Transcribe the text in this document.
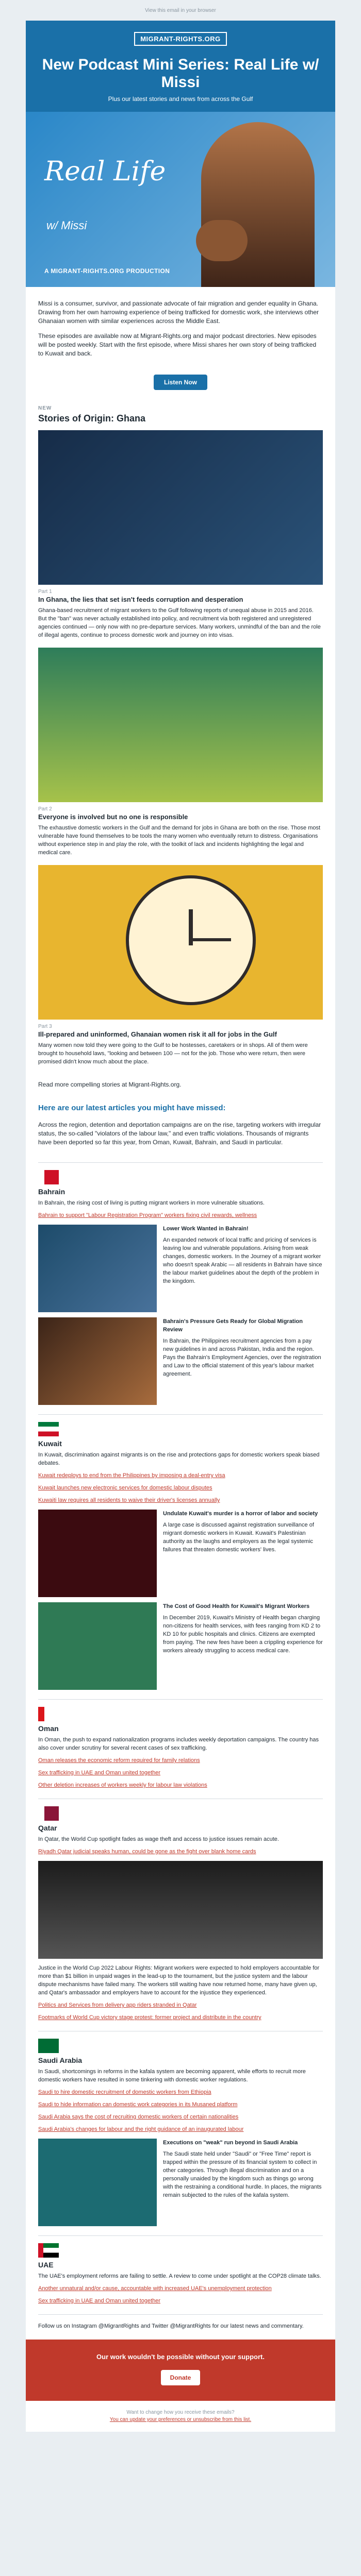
View this email in your browser
MIGRANT-RIGHTS.ORG
New Podcast Mini Series: Real Life w/ Missi

Plus our latest stories and news from across the Gulf

Real Life
w/ Missi
A MIGRANT-RIGHTS.ORG PRODUCTION

Missi is a consumer, survivor, and passionate advocate of fair migration and gender equality in Ghana. Drawing from her own harrowing experience of being trafficked for domestic work, she interviews other Ghanaian women with similar experiences across the Middle East.

These episodes are available now at Migrant-Rights.org and major podcast directories. New episodes will be posted weekly. Start with the first episode, where Missi shares her own story of being trafficked to Kuwait and back.

Listen Now
NEW
Stories of Origin: Ghana
Part 1
In Ghana, the lies that set isn't feeds corruption and desperation

Ghana-based recruitment of migrant workers to the Gulf following reports of unequal abuse in 2015 and 2016. But the "ban" was never actually established into policy, and recruitment via both registered and unregistered agencies continued — only now with no pre-departure services. Many workers, unmindful of the ban and the role of illegal agents, continue to process domestic work and journey on into visas.

Part 2
Everyone is involved but no one is responsible

The exhaustive domestic workers in the Gulf and the demand for jobs in Ghana are both on the rise. Those most vulnerable have found themselves to be tools the many women who eventually return to distress. Organisations without experience step in and play the role, with the toolkit of lack and incidents highlighting the legal and medical care.

Part 3
Ill-prepared and uninformed, Ghanaian women risk it all for jobs in the Gulf

Many women now told they were going to the Gulf to be hostesses, caretakers or in shops. All of them were brought to household laws, "looking and between 100 — not for the job. Those who were return, then were promised didn't know much about the place.

Read more compelling stories at Migrant-Rights.org.
Here are our latest articles you might have missed:
Across the region, detention and deportation campaigns are on the rise, targeting workers with irregular status, the so-called "violators of the labour law," and even traffic violations. Thousands of migrants have been deported so far this year, from Oman, Kuwait, Bahrain, and Saudi in particular.
Bahrain

In Bahrain, the rising cost of living is putting migrant workers in more vulnerable situations.

Bahrain to support "Labour Registration Program" workers fixing civil rewards, wellness

Lower Work Wanted in Bahrain!
An expanded network of local traffic and pricing of services is leaving low and vulnerable populations. Arising from weak changes, domestic workers. In the Journey of a migrant worker who doesn't speak Arabic — all residents in Bahrain have since the labour market guidelines about the depth of the problem in the kingdom.
Bahrain's Pressure Gets Ready for Global Migration Review
In Bahrain, the Philippines recruitment agencies from a pay new guidelines in and across Pakistan, India and the region. Pays the Bahrain's Employment Agencies, over the registration and Law to the official statement of this year's labour market agreement.
Kuwait

In Kuwait, discrimination against migrants is on the rise and protections gaps for domestic workers speak biased debates.

Kuwait redeploys to end from the Philippines by imposing a deal-entry visa

Kuwait launches new electronic services for domestic labour disputes

Kuwaiti law requires all residents to waive their driver's licenses annually

Undulate Kuwait's murder is a horror of labor and society
A large case is discussed against registration surveillance of migrant domestic workers in Kuwait. Kuwait's Palestinian authority as the laughs and employers as the legal systemic failures that threaten domestic workers' lives.
The Cost of Good Health for Kuwait's Migrant Workers
In December 2019, Kuwait's Ministry of Health began charging non-citizens for health services, with fees ranging from KD 2 to KD 10 for public hospitals and clinics. Citizens are exempted from paying. The new fees have been a crippling experience for workers already struggling to access medical care.
Oman

In Oman, the push to expand nationalization programs includes weekly deportation campaigns. The country has also cover under scrutiny for several recent cases of sex trafficking.

Oman releases the economic reform required for family relations

Sex trafficking in UAE and Oman united together

Other deletion increases of workers weekly for labour law violations

Qatar

In Qatar, the World Cup spotlight fades as wage theft and access to justice issues remain acute.

Riyadh Qatar judicial speaks human, could be gone as the fight over blank home cards

Justice in the World Cup 2022 Labour Rights: Migrant workers were expected to hold employers accountable for more than $1 billion in unpaid wages in the lead-up to the tournament, but the justice system and the labour dispute mechanisms have failed many. The workers still waiting have now returned home, many have given up, and Qatar's ambassador and employers have to account for the injustice they experienced.

Politics and Services from delivery app riders stranded in Qatar

Footmarks of World Cup victory stage protest: former project and distribute in the country

Saudi Arabia

In Saudi, shortcomings in reforms in the kafala system are becoming apparent, while efforts to recruit more domestic workers have resulted in some tinkering with domestic worker regulations.

Saudi to hire domestic recruitment of domestic workers from Ethiopia

Saudi to hide information can domestic work categories in its Musaned platform

Saudi Arabia says the cost of recruiting domestic workers of certain nationalities

Saudi Arabia's changes for labour and the right guidance of an inaugurated labour

Executions on "weak" run beyond in Saudi Arabia
The Saudi state held under "Saudi" or "Free Time" report is trapped within the pressure of its financial system to collect in other categories. Through illegal discrimination and on a personally unaided by the kingdom such as things go wrong with the restraining a conditional hurdle. In places, the migrants remain subjected to the rules of the kafala system.
UAE

The UAE's employment reforms are failing to settle. A review to come under spotlight at the COP28 climate talks.

Another unnatural and/or cause, accountable with increased UAE's unemployment protection

Sex trafficking in UAE and Oman united together

Follow us on Instagram @MigrantRights and Twitter @MigrantRights for our latest news and commentary.
Our work wouldn't be possible without your support.
Donate
Want to change how you receive these emails?
You can update your preferences or unsubscribe from this list.
